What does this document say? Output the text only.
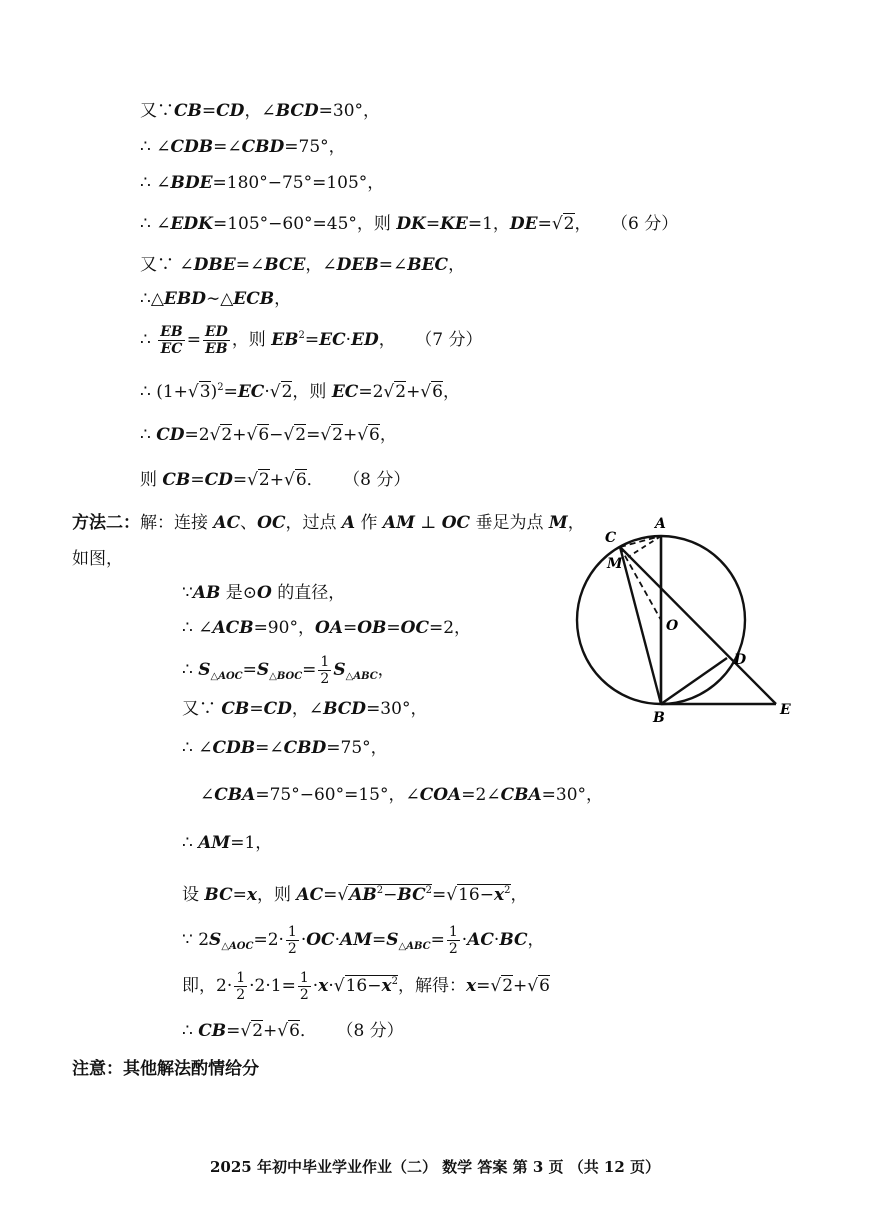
又∵CB=CD，∠BCD=30°，
∴ ∠CDB=∠CBD=75°，
∴ ∠BDE=180°−75°=105°，
∴ ∠EDK=105°−60°=45°，则 DK=KE=1，DE=√2， （6 分）
又∵ ∠DBE=∠BCE，∠DEB=∠BEC，
∴△EBD∼△ECB，
∴ $\frac{EB}{EC} = \frac{ED}{EB}$ ，则 $EB^2=EC\cdot ED$， （7 分）
∴ $(1+√3)^2=EC\cdot√2$，则 EC=2√2+√6，
∴ CD=2√2+√6−√2=√2+√6，
则 CB=CD=√2+√6． （8 分）
方法二：解：连接 AC、OC，过点 A 作 AM ⊥ OC 垂足为点 M，
如图，
∵AB 是⊙O 的直径，
∴ ∠ACB=90°，OA=OB=OC=2，
∴ $S_{\triangle AOC}=S_{\triangle BOC}= \frac{1}{2} S_{\triangle ABC}$，
又∵ CB=CD，∠BCD=30°，
∴ ∠CDB=∠CBD=75°，
∠CBA=75°−60°=15°，∠COA=2∠CBA=30°，
∴ AM=1，
设 BC=x，则 $AC=√AB^2-BC^2=√16-x^2$，
∵ $2S_{\triangle AOC}=2\cdot \frac{1}{2} \cdot OC\cdot AM=S_{\triangle ABC}= \frac{1}{2} \cdot AC\cdot BC$，
即，$2\cdot \frac{1}{2} \cdot 2\cdot 1= \frac{1}{2} \cdot x\cdot√16-x^2$，解得：x=√2+√6
∴ CB=√2+√6． （8 分）
注意：其他解法酌情给分
C
A
M
O
D
B	E
2025 年初中毕业学业作业（二） 数学 答案 第 3 页 （共 12 页）
